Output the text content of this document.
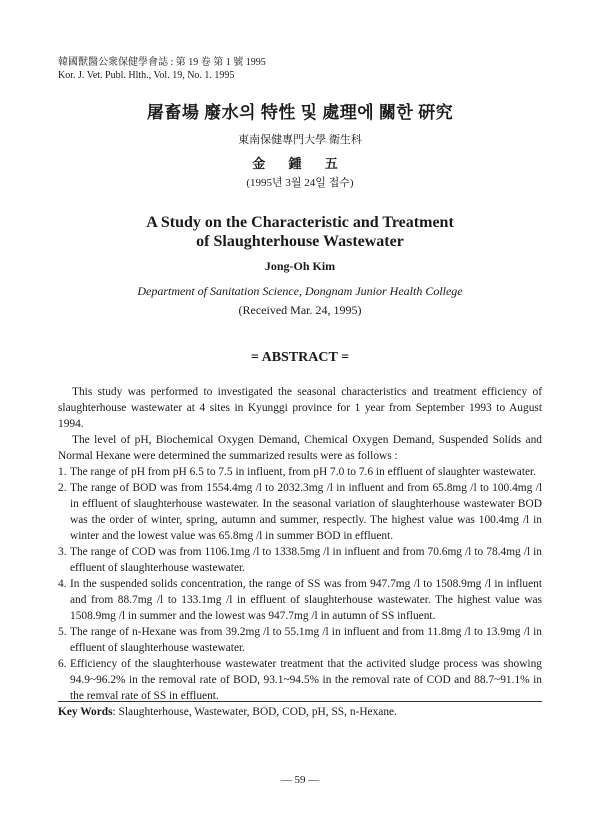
韓國獸醫公衆保健學會誌 : 第 19 卷 第 1 號 1995
Kor. J. Vet. Publ. Hlth., Vol. 19, No. 1. 1995
屠畜場 廢水의 特性 및 處理에 關한 硏究
東南保健專門大學 衛生科
金 鍾 五
(1995년 3월 24일 접수)
A Study on the Characteristic and Treatment
of Slaughterhouse Wastewater
Jong-Oh Kim
Department of Sanitation Science, Dongnam Junior Health College
(Received Mar. 24, 1995)
= ABSTRACT =
This study was performed to investigated the seasonal characteristics and treatment efficiency of slaughterhouse wastewater at 4 sites in Kyunggi province for 1 year from September 1993 to August 1994.
The level of pH, Biochemical Oxygen Demand, Chemical Oxygen Demand, Suspended Solids and Normal Hexane were determined the summarized results were as follows :
1. The range of pH from pH 6.5 to 7.5 in influent, from pH 7.0 to 7.6 in effluent of slaughter wastewater.
2. The range of BOD was from 1554.4mg /l to 2032.3mg /l in influent and from 65.8mg /l to 100.4mg /l in effluent of slaughterhouse wastewater. In the seasonal variation of slaughterhouse wastewater BOD was the order of winter, spring, autumn and summer, respectly. The highest value was 100.4mg /l in winter and the lowest value was 65.8mg /l in summer BOD in effluent.
3. The range of COD was from 1106.1mg /l to 1338.5mg /l in influent and from 70.6mg /l to 78.4mg /l in effluent of slaughterhouse wastewater.
4. In the suspended solids concentration, the range of SS was from 947.7mg /l to 1508.9mg /l in influent and from 88.7mg /l to 133.1mg /l in effluent of slaughterhouse wastewater. The highest value was 1508.9mg /l in summer and the lowest was 947.7mg /l in autumn of SS influent.
5. The range of n-Hexane was from 39.2mg /l to 55.1mg /l in influent and from 11.8mg /l to 13.9mg /l in effluent of slaughterhouse wastewater.
6. Efficiency of the slaughterhouse wastewater treatment that the activited sludge process was showing 94.9~96.2% in the removal rate of BOD, 93.1~94.5% in the removal rate of COD and 88.7~91.1% in the remval rate of SS in effluent.
Key Words: Slaughterhouse, Wastewater, BOD, COD, pH, SS, n-Hexane.
— 59 —
